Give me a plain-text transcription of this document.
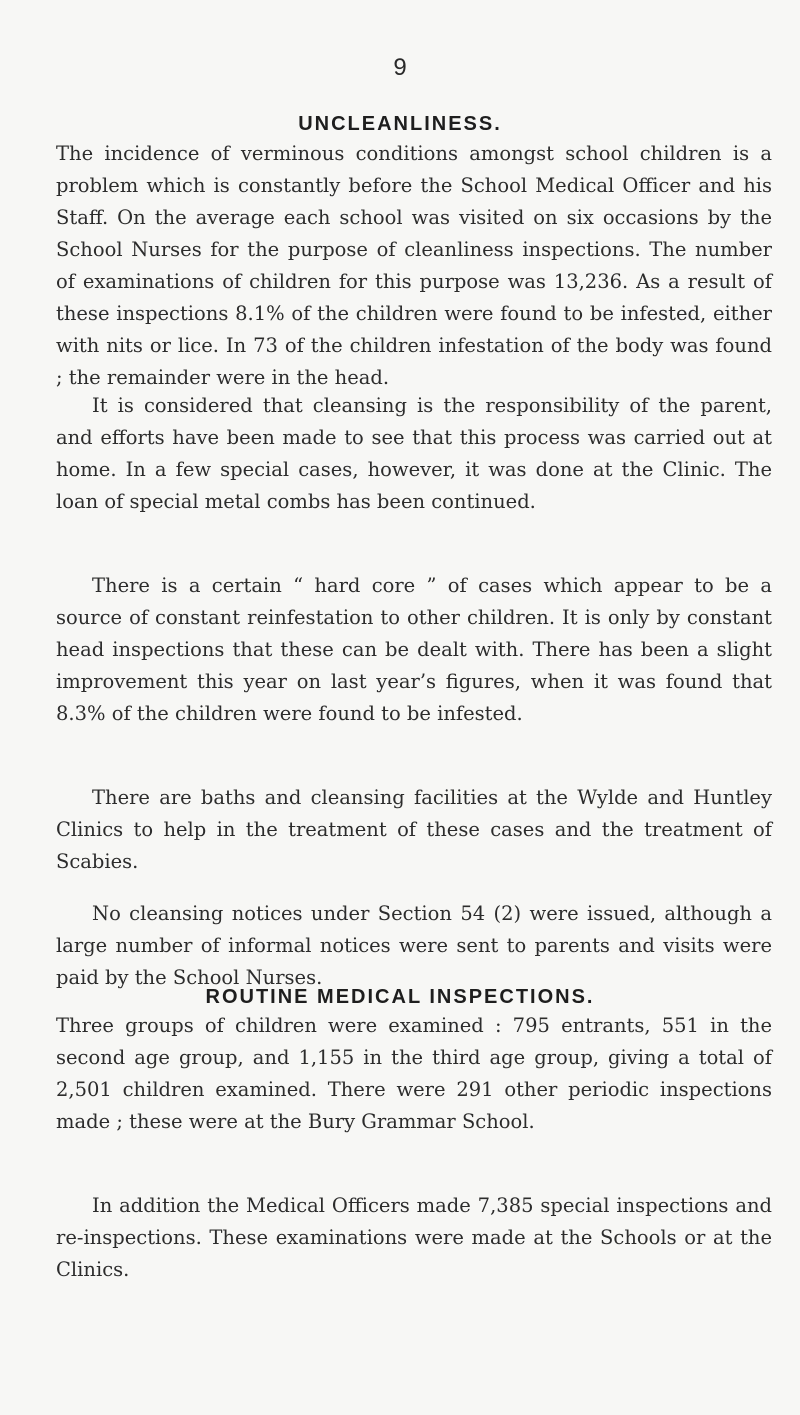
9
UNCLEANLINESS.

The incidence of verminous conditions amongst school children is a problem which is constantly before the School Medical Officer and his Staff. On the average each school was visited on six occasions by the School Nurses for the purpose of cleanliness inspections. The number of examinations of children for this purpose was 13,236. As a result of these inspections 8.1% of the children were found to be infested, either with nits or lice. In 73 of the children infestation of the body was found ; the remainder were in the head.

It is considered that cleansing is the responsibility of the parent, and efforts have been made to see that this process was carried out at home. In a few special cases, however, it was done at the Clinic. The loan of special metal combs has been continued.

There is a certain “ hard core ” of cases which appear to be a source of constant reinfestation to other children. It is only by constant head inspections that these can be dealt with. There has been a slight improvement this year on last year’s figures, when it was found that 8.3% of the children were found to be infested.

There are baths and cleansing facilities at the Wylde and Huntley Clinics to help in the treatment of these cases and the treatment of Scabies.

No cleansing notices under Section 54 (2) were issued, although a large number of informal notices were sent to parents and visits were paid by the School Nurses.

ROUTINE MEDICAL INSPECTIONS.

Three groups of children were examined : 795 entrants, 551 in the second age group, and 1,155 in the third age group, giving a total of 2,501 children examined. There were 291 other periodic inspections made ; these were at the Bury Grammar School.

In addition the Medical Officers made 7,385 special inspections and re-inspections. These examinations were made at the Schools or at the Clinics.
